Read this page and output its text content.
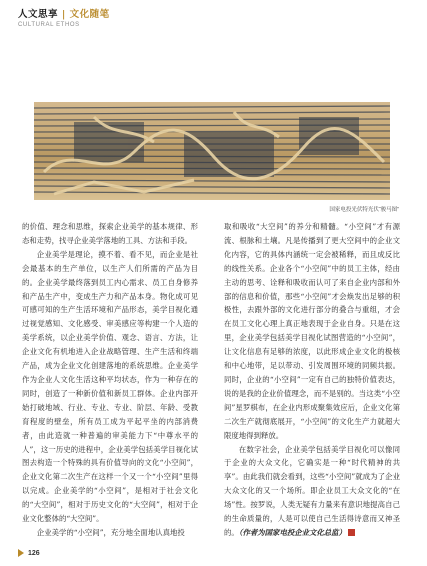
人文思享 | 文化随笔
CULTURAL ETHOS
国家电投光伏特光伏“骏马图”

的价值、理念和思维，探索企业美学的基本规律、形态和走势，找寻企业美学落地的工具、方法和手段。

企业美学是理论，摸不着、看不见，而企业是社会最基本的生产单位，以生产人们所需的产品为目的。企业美学最终落到员工内心需求、员工自身修养和产品生产中，变成生产力和产品本身。物化成可见可感可知的生产生活环境和产品形态，美学目视化通过视觉感知、文化感受、审美感应等构建一个人造的美学系统，以企业美学价值、观念、语言、方法，让企业文化有机地进入企业战略管理、生产生活和终端产品，成为企业文化创建落地的系统思维。企业美学作为企业人文化生活这种平均状态，作为一种存在的同时，创造了一种新价值和新员工群体。企业内部开始打破地域、行业、专业、专业、阶层、年龄、受教育程度的壁垒，所有员工成为平起平坐的内部消费者，由此造就一种普遍的审美能力下“中尊水平的人”，这一历史的进程中，企业美学包括美学目视化试图去构造一个特殊的具有价值导向的文化“小空间”，企业文化第二次生产在这样一个又一个“小空间”里得以完成。企业美学的“小空间”，是相对于社会文化的“大空间”，相对于历史文化的“大空间”，相对于企业文化整体的“大空间”。

企业美学的“小空间”，充分地全面地认真地投

取和吸收“大空间”的养分和精髓。“小空间”才有源流、根脉和土壤。凡是传播到了更大空间中的企业文化内容，它的具体内涵统一定会被稀释，而且成反比的线性关系。企业各个“小空间”中的员工主体，经由主动的思考、诠释和吸收而认可了来自企业内部和外部的信息和价值，那些“小空间”才会焕发出足够的积极性，去跟外部的文化进行部分的叠合与重组，才会在员工文化心理上真正地表现于企业自身。只是在这里，企业美学包括美学目视化试图营造的“小空间”，让文化信息有足够的浓度，以此形成企业文化的极核和中心地带，足以带动、引发周围环境的同频共振。同时，企业的“小空间”一定有自己的独特价值表达，说的是我的企业价值理念，而不是别的。当这类“小空间”星罗棋布，在企业内形成聚集效应后，企业文化第二次生产就彻底展开，“小空间”的文化生产力就超大限度地得到释放。

在数字社会，企业美学包括美学目视化可以像同于企业的大众文化，它确实是一种“时代精神的共享”。由此我们就会看到，这些“小空间”就成为了企业大众文化的又一个场所。即企业员工大众文化的“在场”性。按罗说，人类无疑有力量来有意识地提高自己的生命质量的，人是可以使自己生活得诗意而又神圣的。（作者为国家电投企业文化总监）

126
